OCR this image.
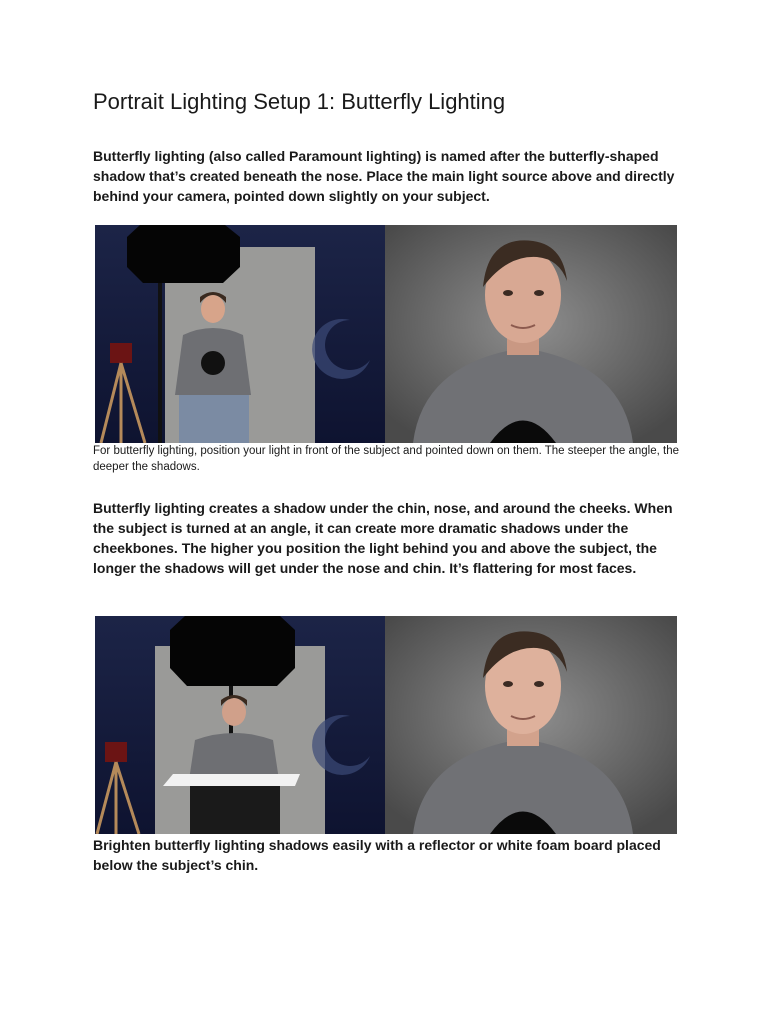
Portrait Lighting Setup 1: Butterfly Lighting

Butterfly lighting (also called Paramount lighting) is named after the butterfly-shaped shadow that’s created beneath the nose. Place the main light source above and directly behind your camera, pointed down slightly on your subject.

For butterfly lighting, position your light in front of the subject and pointed down on them. The steeper the angle, the deeper the shadows.

Butterfly lighting creates a shadow under the chin, nose, and around the cheeks. When the subject is turned at an angle, it can create more dramatic shadows under the cheekbones. The higher you position the light behind you and above the subject, the longer the shadows will get under the nose and chin. It’s flattering for most faces.

Brighten butterfly lighting shadows easily with a reflector or white foam board placed below the subject’s chin.
